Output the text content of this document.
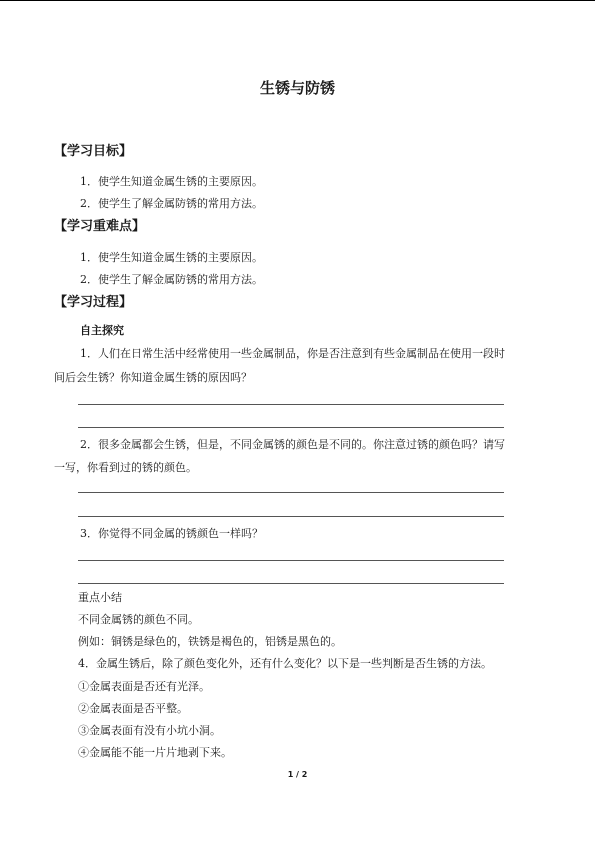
生锈与防锈
【学习目标】

1．使学生知道金属生锈的主要原因。

2．使学生了解金属防锈的常用方法。

【学习重难点】

1．使学生知道金属生锈的主要原因。

2．使学生了解金属防锈的常用方法。

【学习过程】

自主探究

1．人们在日常生活中经常使用一些金属制品，你是否注意到有些金属制品在使用一段时

间后会生锈？你知道金属生锈的原因吗？

2．很多金属都会生锈，但是，不同金属锈的颜色是不同的。你注意过锈的颜色吗？请写

一写，你看到过的锈的颜色。

3．你觉得不同金属的锈颜色一样吗？

重点小结

不同金属锈的颜色不同。

例如：铜锈是绿色的，铁锈是褐色的，铝锈是黑色的。

4．金属生锈后，除了颜色变化外，还有什么变化？以下是一些判断是否生锈的方法。

①金属表面是否还有光泽。

②金属表面是否平整。

③金属表面有没有小坑小洞。

④金属能不能一片片地剥下来。

1 / 2
